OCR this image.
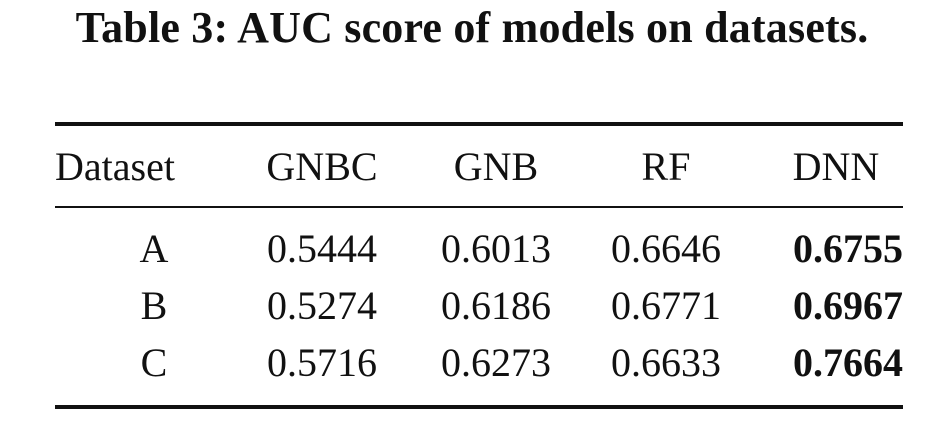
Table 3: AUC score of models on datasets.
Dataset	GNBC	GNB	RF	DNN

A	0.5444	0.6013	0.6646	0.6755
B	0.5274	0.6186	0.6771	0.6967
C	0.5716	0.6273	0.6633	0.7664
